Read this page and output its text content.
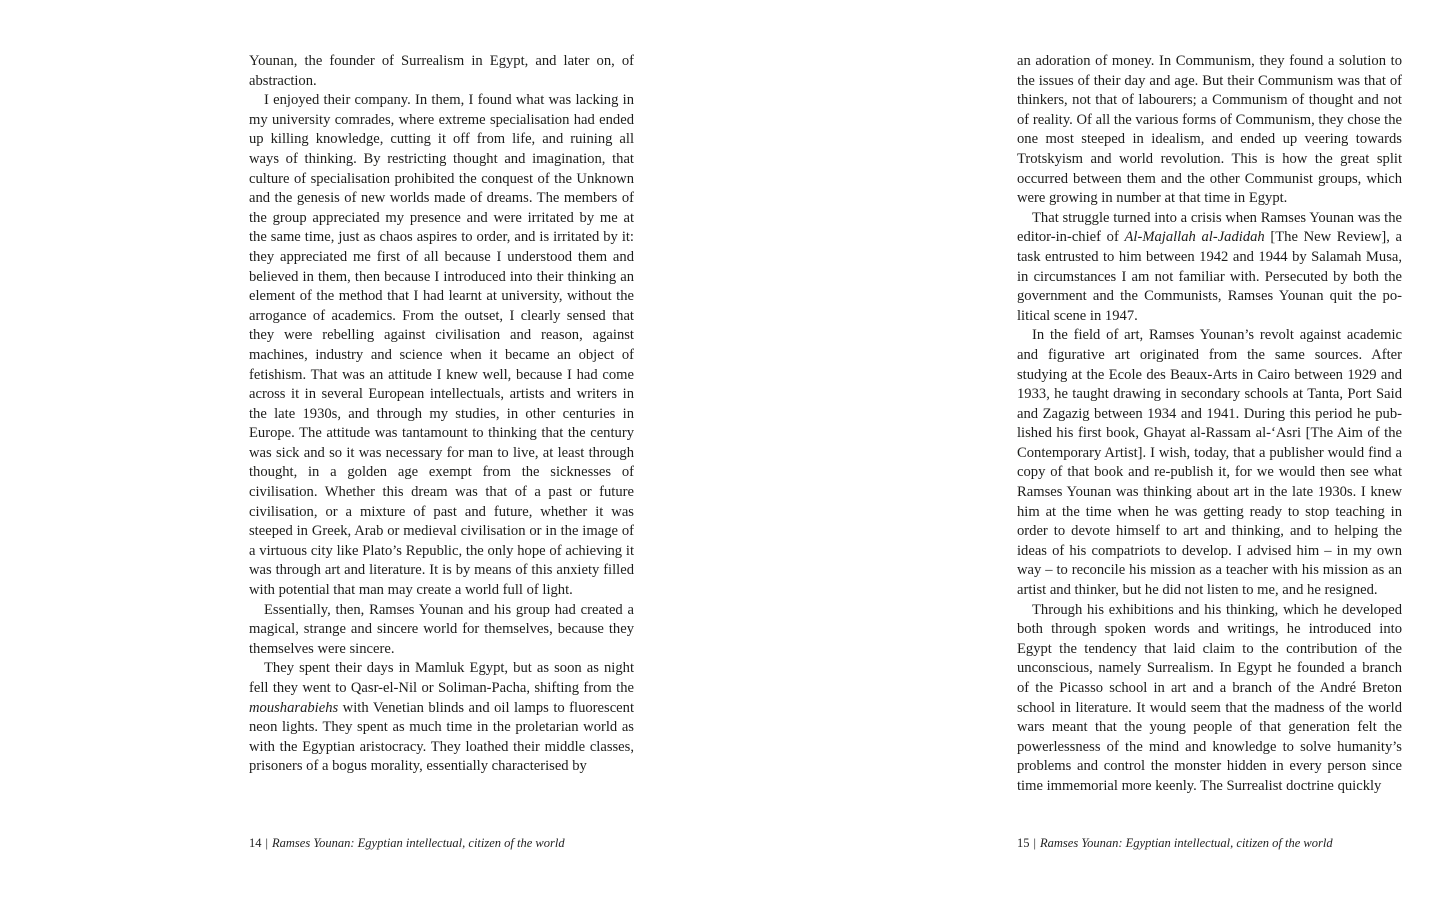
Younan, the founder of Surrealism in Egypt, and later on, of abstraction.

I enjoyed their company. In them, I found what was lacking in my university comrades, where extreme specialisation had ended up killing knowledge, cutting it off from life, and ruining all ways of thinking. By restricting thought and imagination, that culture of specialisation prohibited the conquest of the Unknown and the genesis of new worlds made of dreams. The members of the group appreciated my presence and were irritated by me at the same time, just as chaos aspires to order, and is irritated by it: they appreciated me first of all because I understood them and believed in them, then because I introduced into their thinking an element of the method that I had learnt at university, without the arrogance of academics. From the outset, I clearly sensed that they were rebelling against civilisation and reason, against machines, industry and science when it became an object of fetishism. That was an attitude I knew well, because I had come across it in several European intellectuals, artists and writers in the late 1930s, and through my studies, in other centuries in Europe. The attitude was tantamount to thinking that the century was sick and so it was necessary for man to live, at least through thought, in a golden age exempt from the sicknesses of civilisation. Whether this dream was that of a past or future civilisation, or a mixture of past and future, whether it was steeped in Greek, Arab or medieval civilisation or in the image of a virtuous city like Plato’s Republic, the only hope of achieving it was through art and literature. It is by means of this anxiety filled with potential that man may create a world full of light.

Essentially, then, Ramses Younan and his group had created a magical, strange and sincere world for themselves, because they themselves were sincere.

They spent their days in Mamluk Egypt, but as soon as night fell they went to Qasr-el-Nil or Soliman-Pacha, shifting from the mousharabiehs with Venetian blinds and oil lamps to fluorescent neon lights. They spent as much time in the proletarian world as with the Egyptian aristocracy. They loathed their middle classes, prisoners of a bogus morality, essentially characterised by

14 | Ramses Younan: Egyptian intellectual, citizen of the world

an adoration of money. In Communism, they found a solution to the issues of their day and age. But their Communism was that of thinkers, not that of labourers; a Communism of thought and not of reality. Of all the various forms of Communism, they chose the one most steeped in idealism, and ended up veering towards Trotskyism and world revolution. This is how the great split occurred between them and the other Communist groups, which were growing in number at that time in Egypt.

That struggle turned into a crisis when Ramses Younan was the editor-in-chief of Al-Majallah al-Jadidah [The New Review], a task entrusted to him between 1942 and 1944 by Salamah Musa, in circumstances I am not familiar with. Persecuted by both the government and the Communists, Ramses Younan quit the political scene in 1947.

In the field of art, Ramses Younan’s revolt against academic and figurative art originated from the same sources. After studying at the Ecole des Beaux-Arts in Cairo between 1929 and 1933, he taught drawing in secondary schools at Tanta, Port Said and Zagazig between 1934 and 1941. During this period he published his first book, Ghayat al-Rassam al-‘Asri [The Aim of the Contemporary Artist]. I wish, today, that a publisher would find a copy of that book and re-publish it, for we would then see what Ramses Younan was thinking about art in the late 1930s. I knew him at the time when he was getting ready to stop teaching in order to devote himself to art and thinking, and to helping the ideas of his compatriots to develop. I advised him – in my own way – to reconcile his mission as a teacher with his mission as an artist and thinker, but he did not listen to me, and he resigned.

Through his exhibitions and his thinking, which he developed both through spoken words and writings, he introduced into Egypt the tendency that laid claim to the contribution of the unconscious, namely Surrealism. In Egypt he founded a branch of the Picasso school in art and a branch of the André Breton school in literature. It would seem that the madness of the world wars meant that the young people of that generation felt the powerlessness of the mind and knowledge to solve humanity’s problems and control the monster hidden in every person since time immemorial more keenly. The Surrealist doctrine quickly

15 | Ramses Younan: Egyptian intellectual, citizen of the world
